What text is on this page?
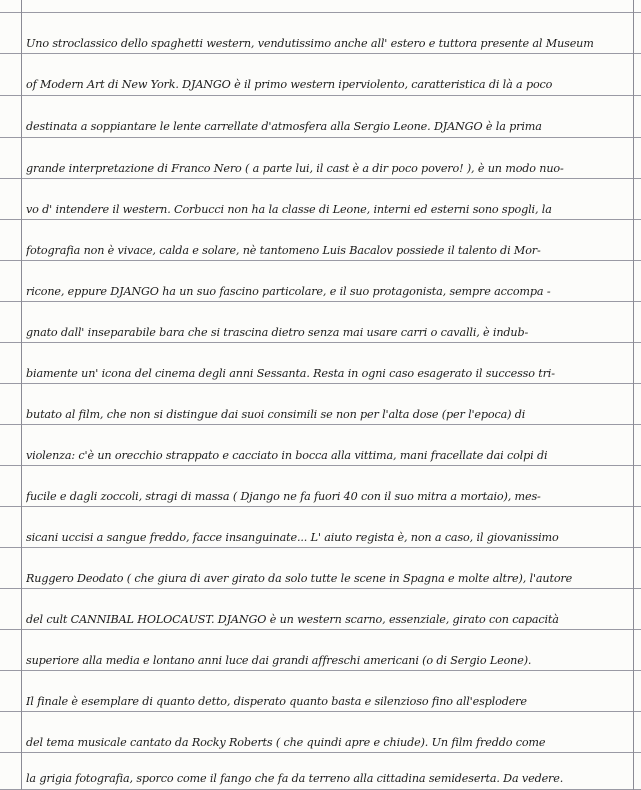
Uno stroclassico dello spaghetti western, vendutissimo anche all' estero e tuttora presente al Museum
of Modern Art di New York. DJANGO è il primo western iperviolento, caratteristica di là a poco
destinata a soppiantare le lente carrellate d'atmosfera alla Sergio Leone. DJANGO è la prima
grande interpretazione di Franco Nero ( a parte lui, il cast è a dir poco povero! ), è un modo nuo-
vo d' intendere il western. Corbucci non ha la classe di Leone, interni ed esterni sono spogli, la
fotografia non è vivace, calda e solare, nè tantomeno Luis Bacalov possiede il talento di Mor-
ricone, eppure DJANGO ha un suo fascino particolare, e il suo protagonista, sempre accompa -
gnato dall' inseparabile bara che si trascina dietro senza mai usare carri o cavalli, è indub-
biamente un' icona del cinema degli anni Sessanta. Resta in ogni caso esagerato il successo tri-
butato al film, che non si distingue dai suoi consimili se non per l'alta dose (per l'epoca) di
violenza: c'è un orecchio strappato e cacciato in bocca alla vittima, mani fracellate dai colpi di
fucile e dagli zoccoli, stragi di massa ( Django ne fa fuori 40 con il suo mitra a mortaio), mes-
sicani uccisi a sangue freddo, facce insanguinate... L' aiuto regista è, non a caso, il giovanissimo
Ruggero Deodato ( che giura di aver girato da solo tutte le scene in Spagna e molte altre), l'autore
del cult CANNIBAL HOLOCAUST. DJANGO è un western scarno, essenziale, girato con capacità
superiore alla media e lontano anni luce dai grandi affreschi americani (o di Sergio Leone).
Il finale è esemplare di quanto detto, disperato quanto basta e silenzioso fino all'esplodere
del tema musicale cantato da Rocky Roberts ( che quindi apre e chiude). Un film freddo come
la grigia fotografia, sporco come il fango che fa da terreno alla cittadina semideserta. Da vedere.
